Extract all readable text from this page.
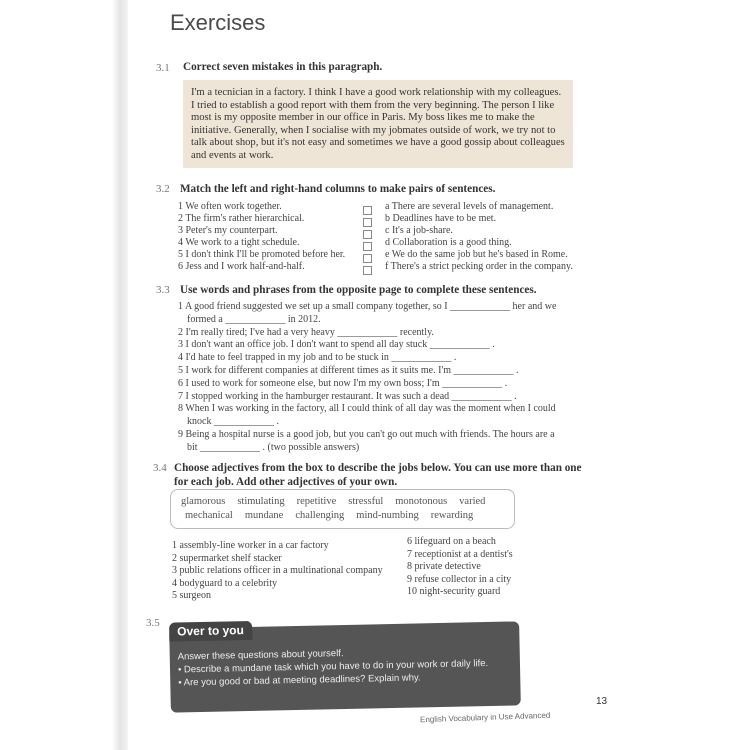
Exercises
3.1	Correct seven mistakes in this paragraph.
I'm a tecnician in a factory. I think I have a good work relationship with my colleagues. I tried to establish a good report with them from the very beginning. The person I like most is my opposite member in our office in Paris. My boss likes me to make the initiative. Generally, when I socialise with my jobmates outside of work, we try not to talk about shop, but it's not easy and sometimes we have a good gossip about colleagues and events at work.
3.2 Match the left and right-hand columns to make pairs of sentences.
1 We often work together.
2 The firm's rather hierarchical.
3 Peter's my counterpart.
4 We work to a tight schedule.
5 I don't think I'll be promoted before her.
6 Jess and I work half-and-half.
a There are several levels of management.
b Deadlines have to be met.
c It's a job-share.
d Collaboration is a good thing.
e We do the same job but he's based in Rome.
f There's a strict pecking order in the company.
3.3 Use words and phrases from the opposite page to complete these sentences.
1 A good friend suggested we set up a small company together, so I ____________ her and we
formed a ____________ in 2012.
2 I'm really tired; I've had a very heavy ____________ recently.
3 I don't want an office job. I don't want to spend all day stuck ____________ .
4 I'd hate to feel trapped in my job and to be stuck in ____________ .
5 I work for different companies at different times as it suits me. I'm ____________ .
6 I used to work for someone else, but now I'm my own boss; I'm ____________ .
7 I stopped working in the hamburger restaurant. It was such a dead ____________ .
8 When I was working in the factory, all I could think of all day was the moment when I could
knock ____________ .
9 Being a hospital nurse is a good job, but you can't go out much with friends. The hours are a
bit ____________ . (two possible answers)
3.4 Choose adjectives from the box to describe the jobs below. You can use more than one
for each job. Add other adjectives of your own.
glamorous stimulating repetitive stressful monotonous varied
mechanical mundane challenging mind-numbing rewarding
1 assembly-line worker in a car factory
2 supermarket shelf stacker
3 public relations officer in a multinational company
4 bodyguard to a celebrity
5 surgeon
6 lifeguard on a beach
7 receptionist at a dentist's
8 private detective
9 refuse collector in a city
10 night-security guard
3.5
Over to you
Answer these questions about yourself.
• Describe a mundane task which you have to do in your work or daily life.
• Are you good or bad at meeting deadlines? Explain why.
English Vocabulary in Use Advanced
13
